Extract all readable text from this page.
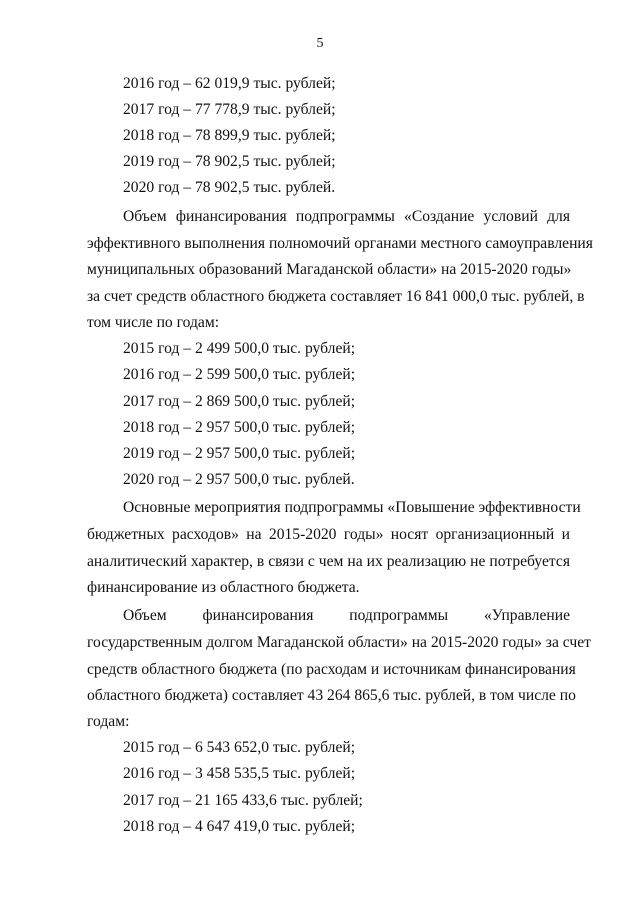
5
2016 год – 62 019,9 тыс. рублей;
2017 год – 77 778,9 тыс. рублей;
2018 год – 78 899,9 тыс. рублей;
2019 год – 78 902,5 тыс. рублей;
2020 год – 78 902,5 тыс. рублей.
Объем финансирования подпрограммы «Создание условий для
эффективного выполнения полномочий органами местного самоуправления
муниципальных образований Магаданской области» на 2015-2020 годы»
за счет средств областного бюджета составляет 16 841 000,0 тыс. рублей, в
том числе по годам:
2015 год – 2 499 500,0 тыс. рублей;
2016 год – 2 599 500,0 тыс. рублей;
2017 год – 2 869 500,0 тыс. рублей;
2018 год – 2 957 500,0 тыс. рублей;
2019 год – 2 957 500,0 тыс. рублей;
2020 год – 2 957 500,0 тыс. рублей.
Основные мероприятия подпрограммы «Повышение эффективности
бюджетных расходов» на 2015-2020 годы» носят организационный и
аналитический характер, в связи с чем на их реализацию не потребуется
финансирование из областного бюджета.
Объем финансирования подпрограммы «Управление
государственным долгом Магаданской области» на 2015-2020 годы» за счет
средств областного бюджета (по расходам и источникам финансирования
областного бюджета) составляет 43 264 865,6 тыс. рублей, в том числе по
годам:
2015 год – 6 543 652,0 тыс. рублей;
2016 год – 3 458 535,5 тыс. рублей;
2017 год – 21 165 433,6 тыс. рублей;
2018 год – 4 647 419,0 тыс. рублей;
